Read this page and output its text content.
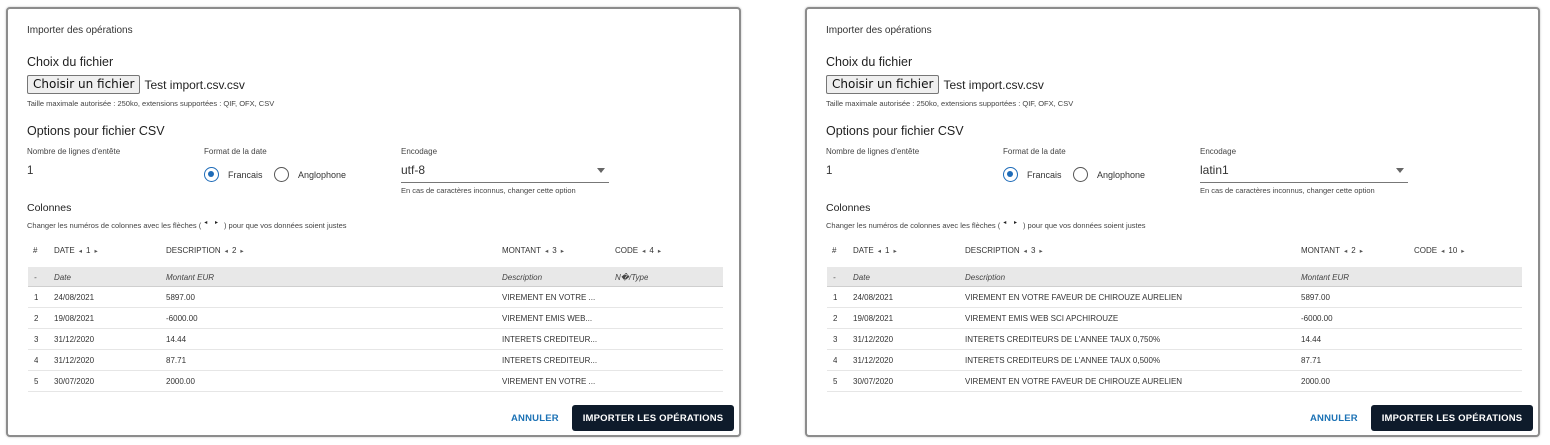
Importer des opérations
Choix du fichier
Choisir un fichier Test import.csv.csv
Taille maximale autorisée : 250ko, extensions supportées : QIF, OFX, CSV
Options pour fichier CSV
Nombre de lignes d'entête
1
Format de la date
Francais	Anglophone
Encodage
utf-8
En cas de caractères inconnus, changer cette option
Colonnes
Changer les numéros de colonnes avec les flèches ( ◂ ▸ ) pour que vos données soient justes
# DATE ◂ 1 ▸	DESCRIPTION ◂ 2 ▸	MONTANT ◂ 3 ▸	CODE ◂ 4 ▸
- Date	Montant EUR	Description	N�/Type
1 24/08/2021	5897.00	VIREMENT EN VOTRE ...
2 19/08/2021	-6000.00	VIREMENT EMIS WEB...
3 31/12/2020	14.44	INTERETS CREDITEUR...
4 31/12/2020	87.71	INTERETS CREDITEUR...
5 30/07/2020	2000.00	VIREMENT EN VOTRE ...
ANNULER	IMPORTER LES OPÉRATIONS
Importer des opérations
Choix du fichier
Choisir un fichier Test import.csv.csv
Taille maximale autorisée : 250ko, extensions supportées : QIF, OFX, CSV
Options pour fichier CSV
Nombre de lignes d'entête
1
Format de la date
Francais	Anglophone
Encodage
latin1
En cas de caractères inconnus, changer cette option
Colonnes
Changer les numéros de colonnes avec les flèches ( ◂ ▸ ) pour que vos données soient justes
# DATE ◂ 1 ▸	DESCRIPTION ◂ 3 ▸	MONTANT ◂ 2 ▸	CODE ◂ 10 ▸
- Date	Description	Montant EUR
1 24/08/2021	VIREMENT EN VOTRE FAVEUR DE CHIROUZE AURELIEN	5897.00
2 19/08/2021	VIREMENT EMIS WEB SCI APCHIROUZE	-6000.00
3 31/12/2020	INTERETS CREDITEURS DE L'ANNEE TAUX 0,750%	14.44
4 31/12/2020	INTERETS CREDITEURS DE L'ANNEE TAUX 0,500%	87.71
5 30/07/2020	VIREMENT EN VOTRE FAVEUR DE CHIROUZE AURELIEN	2000.00
ANNULER	IMPORTER LES OPÉRATIONS
